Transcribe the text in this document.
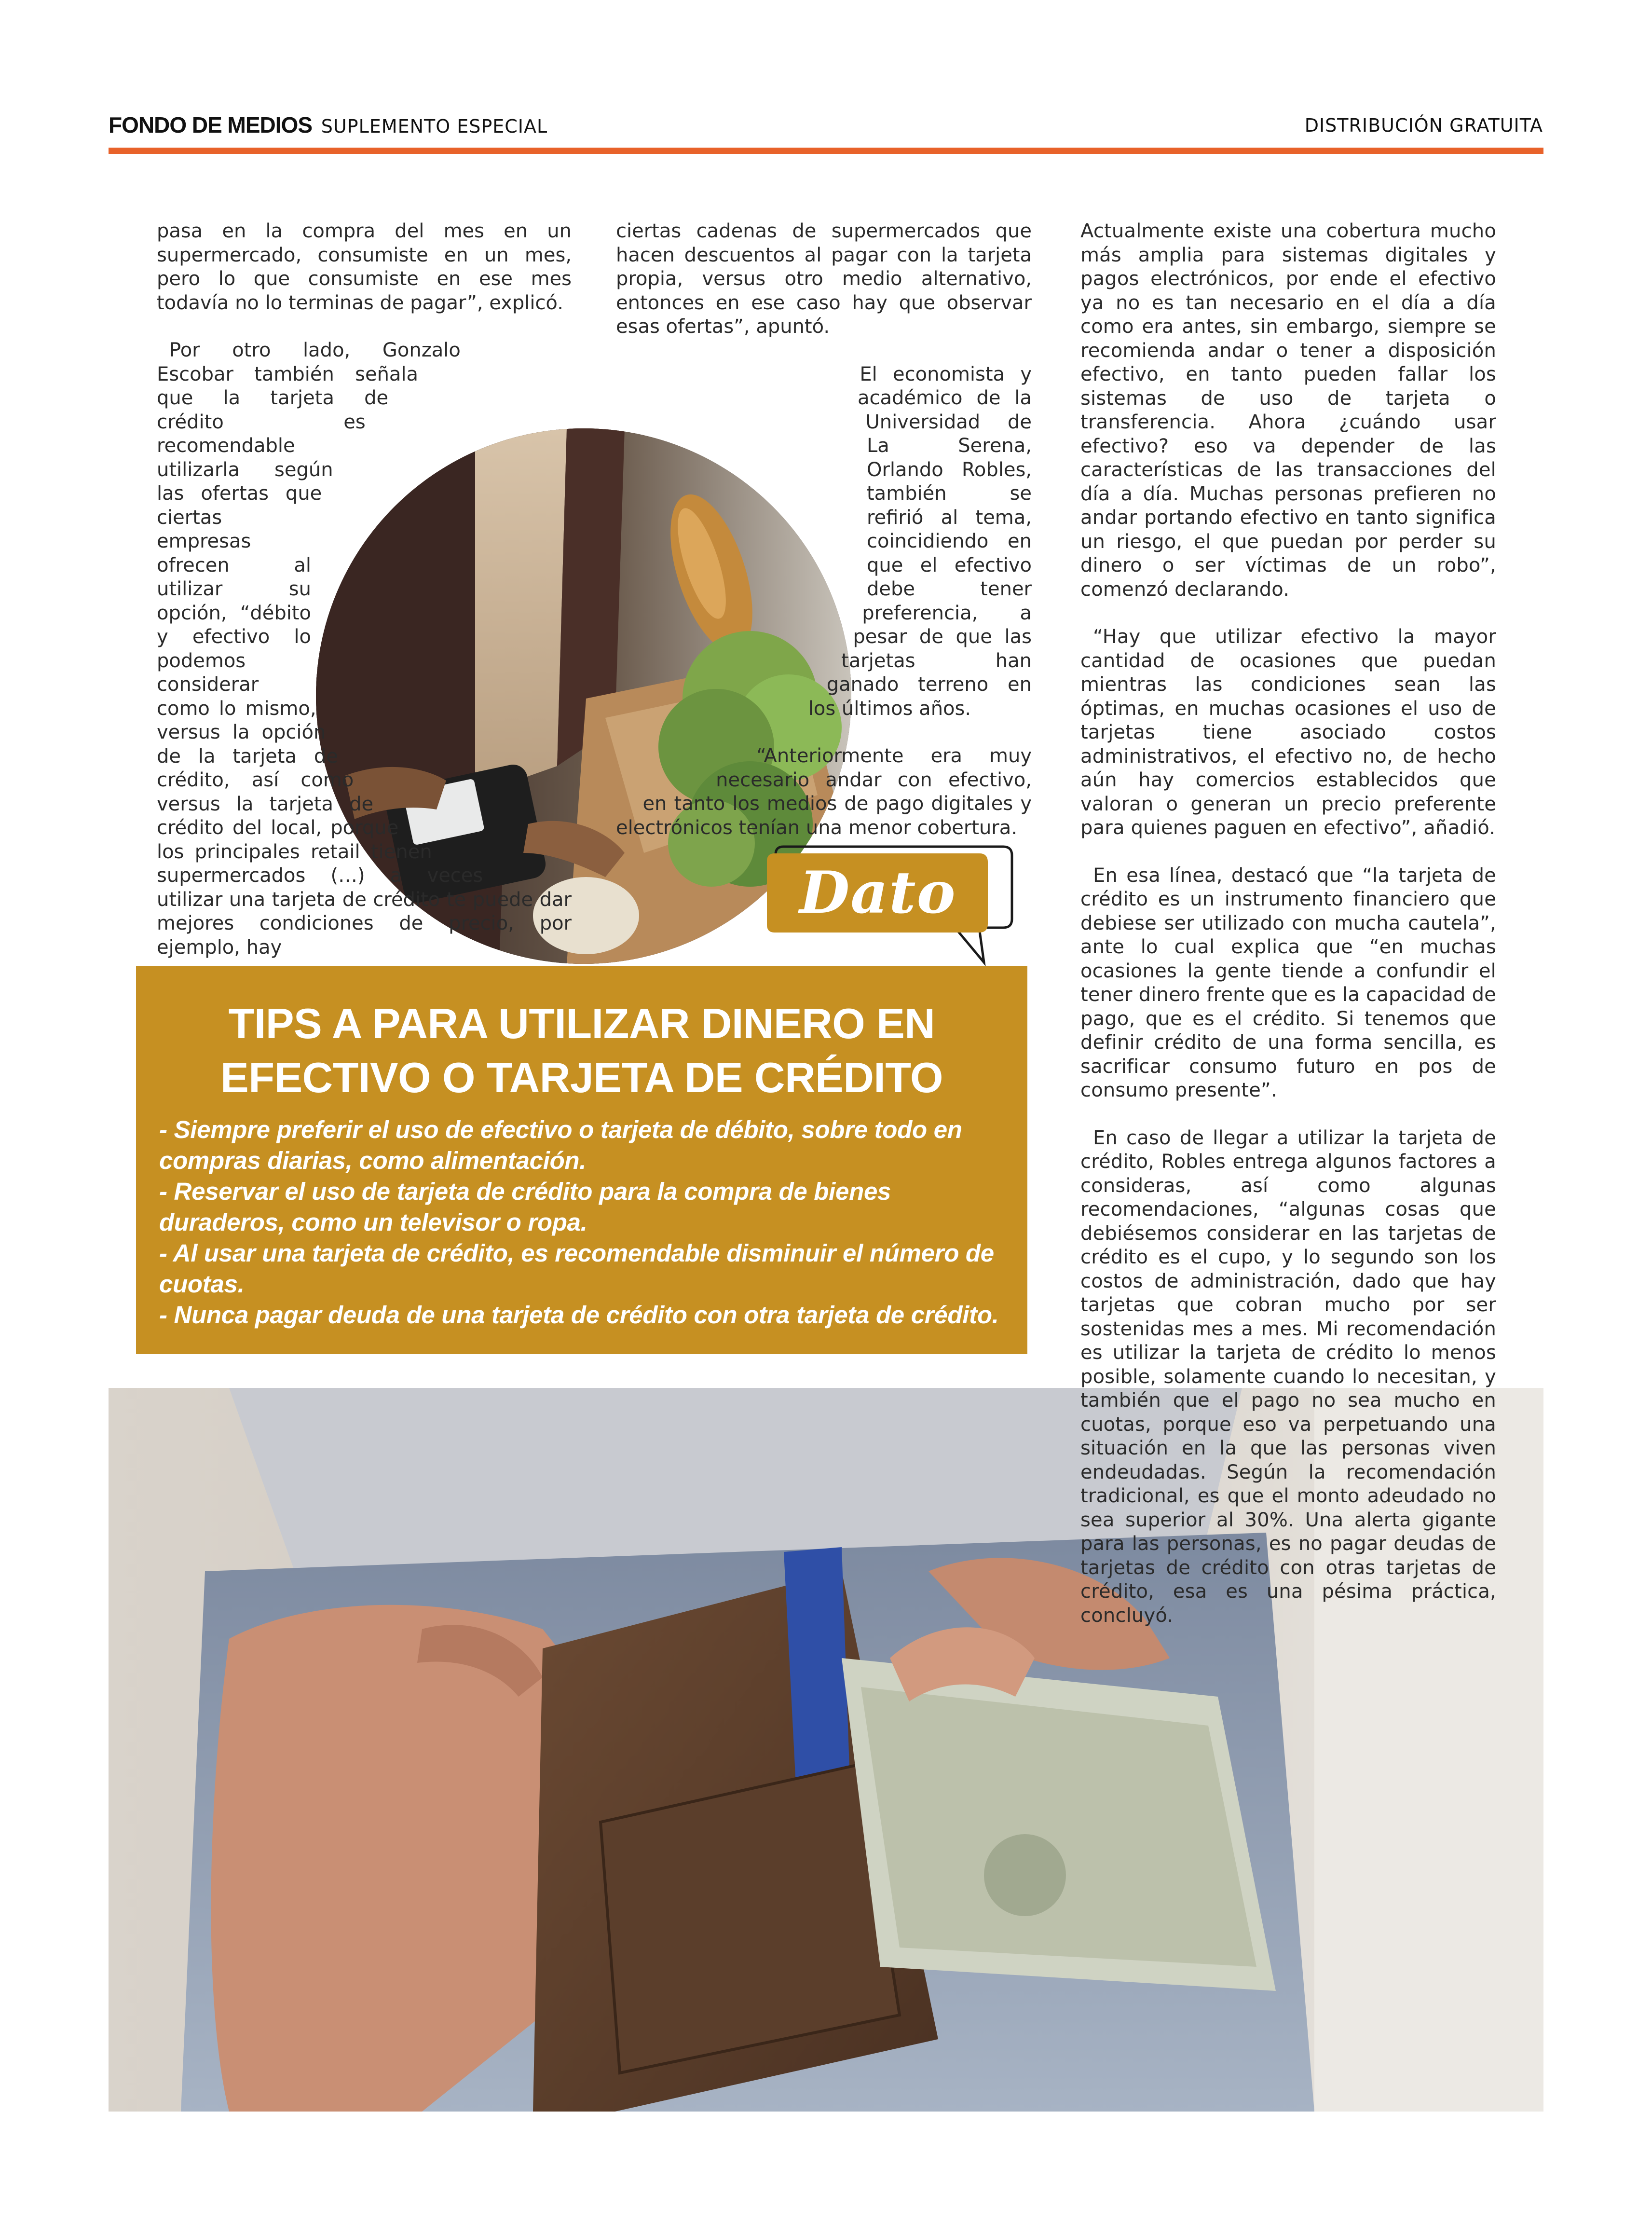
FONDO DE MEDIOS SUPLEMENTO ESPECIAL	DISTRIBUCIÓN GRATUITA

pasa en la compra del mes en un supermercado, consumiste en un mes, pero lo que consumiste en ese mes todavía no lo terminas de pagar”, explicó.

Por otro lado, Gonzalo Escobar también señala que la tarjeta de crédito es recomendable utilizarla según las ofertas que ciertas empresas ofrecen al utilizar su opción, “débito y efectivo lo podemos considerar como lo mismo, versus la opción de la tarjeta de crédito, así como versus la tarjeta de crédito del local, porque los principales retail tienen supermercados (…) a veces utilizar una tarjeta de crédito te puede dar mejores condiciones de precio, por ejemplo, hay

ciertas cadenas de supermercados que hacen descuentos al pagar con la tarjeta propia, versus otro medio alternativo, entonces en ese caso hay que observar esas ofertas”, apuntó.

El economista y académico de la Universidad de La Serena, Orlando Robles, también se refirió al tema, coincidiendo en que el efectivo debe tener preferencia, a pesar de que las tarjetas han ganado terreno en los últimos años.

“Anteriormente era muy necesario andar con efectivo, en tanto los medios de pago digitales y electrónicos tenían una menor cobertura.

Actualmente existe una cobertura mucho más amplia para sistemas digitales y pagos electrónicos, por ende el efectivo ya no es tan necesario en el día a día como era antes, sin embargo, siempre se recomienda andar o tener a disposición efectivo, en tanto pueden fallar los sistemas de uso de tarjeta o transferencia. Ahora ¿cuándo usar efectivo? eso va depender de las características de las transacciones del día a día. Muchas personas prefieren no andar portando efectivo en tanto significa un riesgo, el que puedan por perder su dinero o ser víctimas de un robo”, comenzó declarando.

“Hay que utilizar efectivo la mayor cantidad de ocasiones que puedan mientras las condiciones sean las óptimas, en muchas ocasiones el uso de tarjetas tiene asociado costos administrativos, el efectivo no, de hecho aún hay comercios establecidos que valoran o generan un precio preferente para quienes paguen en efectivo”, añadió.

En esa línea, destacó que “la tarjeta de crédito es un instrumento financiero que debiese ser utilizado con mucha cautela”, ante lo cual explica que “en muchas ocasiones la gente tiende a confundir el tener dinero frente que es la capacidad de pago, que es el crédito. Si tenemos que definir crédito de una forma sencilla, es sacrificar consumo futuro en pos de consumo presente”.

En caso de llegar a utilizar la tarjeta de crédito, Robles entrega algunos factores a consideras, así como algunas recomendaciones, “algunas cosas que debiésemos considerar en las tarjetas de crédito es el cupo, y lo segundo son los costos de administración, dado que hay tarjetas que cobran mucho por ser sostenidas mes a mes. Mi recomendación es utilizar la tarjeta de crédito lo menos posible, solamente cuando lo necesitan, y también que el pago no sea mucho en cuotas, porque eso va perpetuando una situación en la que las personas viven endeudadas. Según la recomendación tradicional, es que el monto adeudado no sea superior al 30%. Una alerta gigante para las personas, es no pagar deudas de tarjetas de crédito con otras tarjetas de crédito, esa es una pésima práctica, concluyó.

Dato
TIPS A PARA UTILIZAR DINERO EN
EFECTIVO O TARJETA DE CRÉDITO
- Siempre preferir el uso de efectivo o tarjeta de débito, sobre todo en compras diarias, como alimentación.
- Reservar el uso de tarjeta de crédito para la compra de bienes duraderos, como un televisor o ropa.
- Al usar una tarjeta de crédito, es recomendable disminuir el número de cuotas.
- Nunca pagar deuda de una tarjeta de crédito con otra tarjeta de crédito.
